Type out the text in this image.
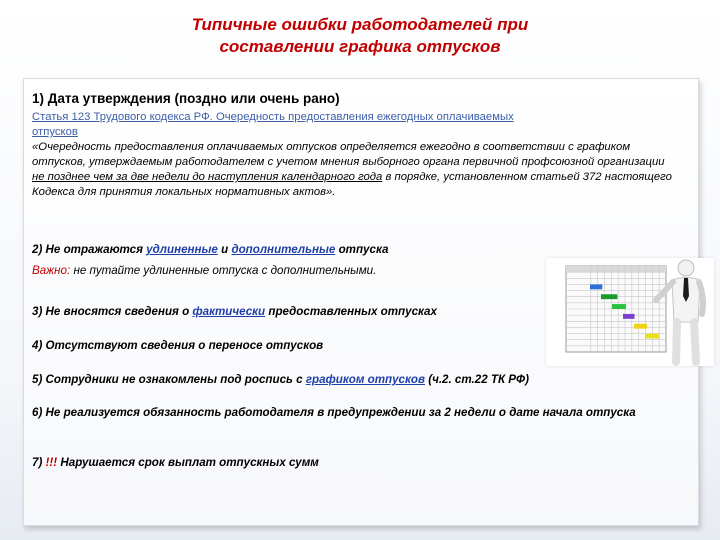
Типичные ошибки работодателей при
составлении графика отпусков
1) Дата утверждения (поздно или очень рано)
Статья 123 Трудового кодекса РФ. Очередность предоставления ежегодных оплачиваемых
отпусков
«Очередность предоставления оплачиваемых отпусков определяется ежегодно в соответствии с графиком отпусков, утверждаемым работодателем с учетом мнения выборного органа первичной профсоюзной организации не позднее чем за две недели до наступления календарного года в порядке, установленном статьей 372 настоящего Кодекса для принятия локальных нормативных актов».
2) Не отражаются удлиненные и дополнительные отпуска
Важно: не путайте удлиненные отпуска с дополнительными.
3) Не вносятся сведения о фактически предоставленных отпусках
4) Отсутствуют сведения о переносе отпусков
5) Сотрудники не ознакомлены под роспись с графиком отпусков (ч.2. ст.22 ТК РФ)
6) Не реализуется обязанность работодателя в предупреждении за 2 недели о дате начала отпуска
7) !!! Нарушается срок выплат отпускных сумм
